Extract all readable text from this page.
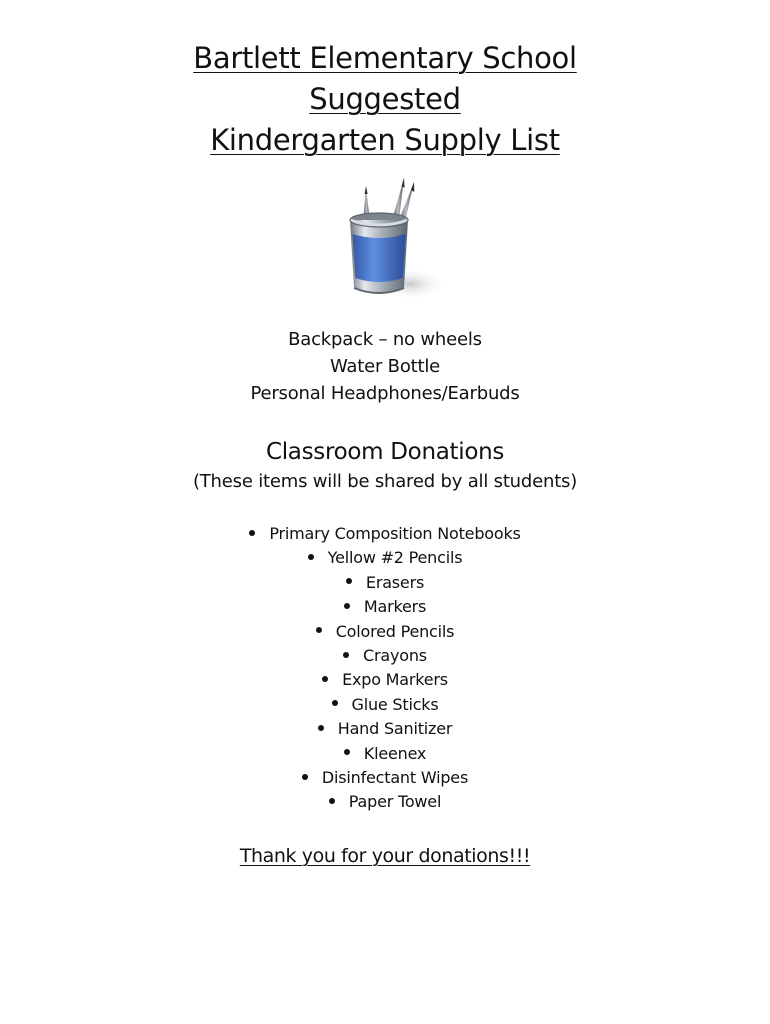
Bartlett Elementary School
Suggested
Kindergarten Supply List
Backpack – no wheels
Water Bottle
Personal Headphones/Earbuds
Classroom Donations
(These items will be shared by all students)
Primary Composition Notebooks
Yellow #2 Pencils
Erasers
Markers
Colored Pencils
Crayons
Expo Markers
Glue Sticks
Hand Sanitizer
Kleenex
Disinfectant Wipes
Paper Towel
Thank you for your donations!!!
